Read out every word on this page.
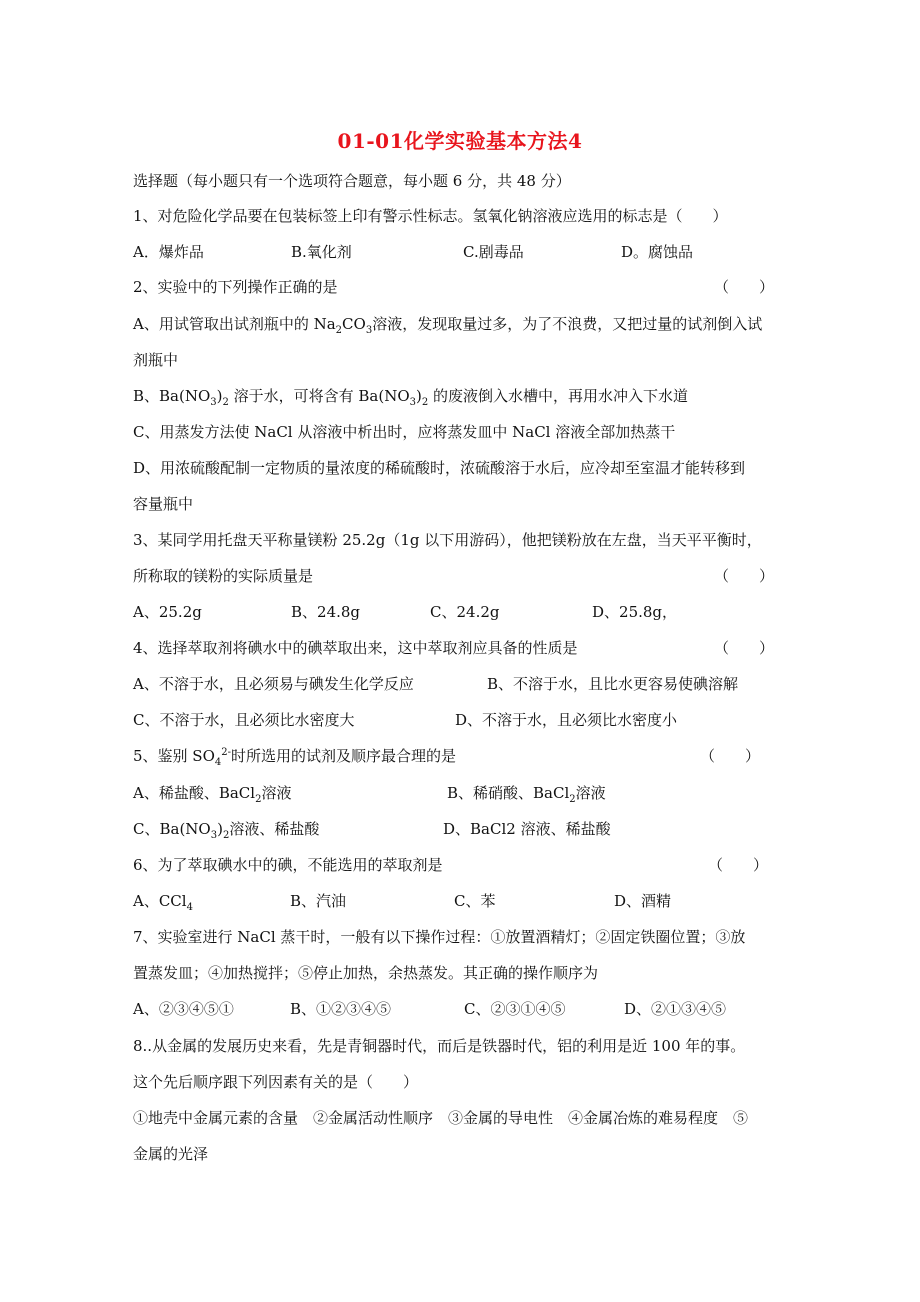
01-01化学实验基本方法4
选择题（每小题只有一个选项符合题意，每小题 6 分，共 48 分）
1、对危险化学品要在包装标签上印有警示性标志。氢氧化钠溶液应选用的标志是（　　）
A．爆炸品	B.氧化剂	C.剧毒品	D。腐蚀品
2、实验中的下列操作正确的是	（　　）
A、用试管取出试剂瓶中的 $Na_2CO_3$溶液，发现取量过多，为了不浪费，又把过量的试剂倒入试
剂瓶中
B、$Ba(NO_3)_2$ 溶于水，可将含有 $Ba(NO_3)_2$ 的废液倒入水槽中，再用水冲入下水道
C、用蒸发方法使 NaCl 从溶液中析出时，应将蒸发皿中 NaCl 溶液全部加热蒸干
D、用浓硫酸配制一定物质的量浓度的稀硫酸时，浓硫酸溶于水后，应冷却至室温才能转移到
容量瓶中
3、某同学用托盘天平称量镁粉 25.2g（1g 以下用游码），他把镁粉放在左盘，当天平平衡时，
所称取的镁粉的实际质量是	（　　）
A、25.2g	B、24.8g	C、24.2g	D、25.8g，
4、选择萃取剂将碘水中的碘萃取出来，这中萃取剂应具备的性质是	（　　）
A、不溶于水，且必须易与碘发生化学反应	B、不溶于水，且比水更容易使碘溶解
C、不溶于水，且必须比水密度大	D、不溶于水，且必须比水密度小
5、鉴别 $SO_4^{2-}$时所选用的试剂及顺序最合理的是	（　　）
A、稀盐酸、BaCl$_2$溶液	B、稀硝酸、BaCl$_2$溶液
C、$Ba(NO_3)_2$溶液、稀盐酸	D、BaCl2 溶液、稀盐酸
6、为了萃取碘水中的碘，不能选用的萃取剂是	（　　）
A、CCl$_4$	B、汽油	C、苯	D、酒精
7、实验室进行 NaCl 蒸干时，一般有以下操作过程：①放置酒精灯；②固定铁圈位置；③放
置蒸发皿；④加热搅拌；⑤停止加热，余热蒸发。其正确的操作顺序为
A、②③④⑤①	B、①②③④⑤	C、②③①④⑤	D、②①③④⑤
8..从金属的发展历史来看，先是青铜器时代，而后是铁器时代，铝的利用是近 100 年的事。
这个先后顺序跟下列因素有关的是（　　）
①地壳中金属元素的含量　②金属活动性顺序　③金属的导电性　④金属冶炼的难易程度　⑤
金属的光泽
